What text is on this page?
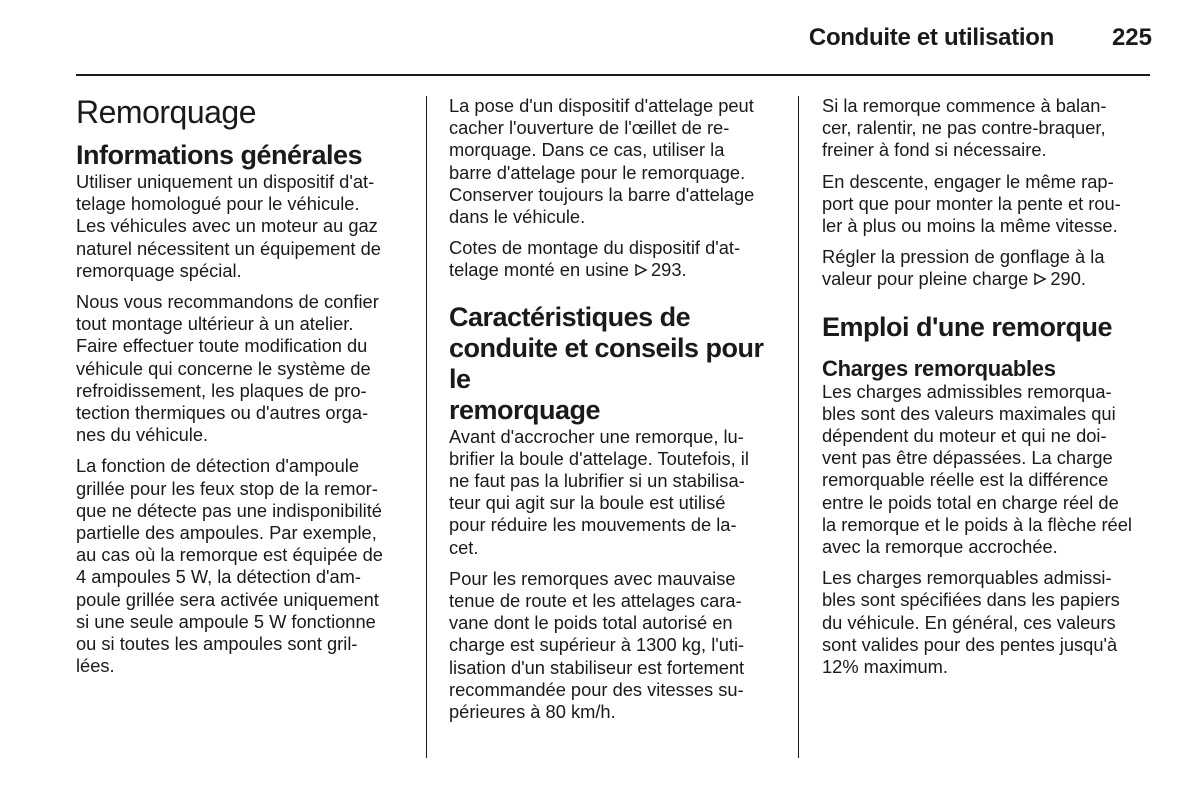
Conduite et utilisation 225
Remorquage
Informations générales

Utiliser uniquement un dispositif d'at-
telage homologué pour le véhicule.
Les véhicules avec un moteur au gaz
naturel nécessitent un équipement de
remorquage spécial.

Nous vous recommandons de confier
tout montage ultérieur à un atelier.
Faire effectuer toute modification du
véhicule qui concerne le système de
refroidissement, les plaques de pro-
tection thermiques ou d'autres orga-
nes du véhicule.

La fonction de détection d'ampoule
grillée pour les feux stop de la remor-
que ne détecte pas une indisponibilité
partielle des ampoules. Par exemple,
au cas où la remorque est équipée de
4 ampoules 5 W, la détection d'am-
poule grillée sera activée uniquement
si une seule ampoule 5 W fonctionne
ou si toutes les ampoules sont gril-
lées.

La pose d'un dispositif d'attelage peut
cacher l'ouverture de l'œillet de re-
morquage. Dans ce cas, utiliser la
barre d'attelage pour le remorquage.
Conserver toujours la barre d'attelage
dans le véhicule.

Cotes de montage du dispositif d'at-
telage monté en usine 293.

Caractéristiques de
conduite et conseils pour le
remorquage

Avant d'accrocher une remorque, lu-
brifier la boule d'attelage. Toutefois, il
ne faut pas la lubrifier si un stabilisa-
teur qui agit sur la boule est utilisé
pour réduire les mouvements de la-
cet.

Pour les remorques avec mauvaise
tenue de route et les attelages cara-
vane dont le poids total autorisé en
charge est supérieur à 1300 kg, l'uti-
lisation d'un stabiliseur est fortement
recommandée pour des vitesses su-
périeures à 80 km/h.

Si la remorque commence à balan-
cer, ralentir, ne pas contre-braquer,
freiner à fond si nécessaire.

En descente, engager le même rap-
port que pour monter la pente et rou-
ler à plus ou moins la même vitesse.

Régler la pression de gonflage à la
valeur pour pleine charge 290.

Emploi d'une remorque
Charges remorquables

Les charges admissibles remorqua-
bles sont des valeurs maximales qui
dépendent du moteur et qui ne doi-
vent pas être dépassées. La charge
remorquable réelle est la différence
entre le poids total en charge réel de
la remorque et le poids à la flèche réel
avec la remorque accrochée.

Les charges remorquables admissi-
bles sont spécifiées dans les papiers
du véhicule. En général, ces valeurs
sont valides pour des pentes jusqu'à
12% maximum.
